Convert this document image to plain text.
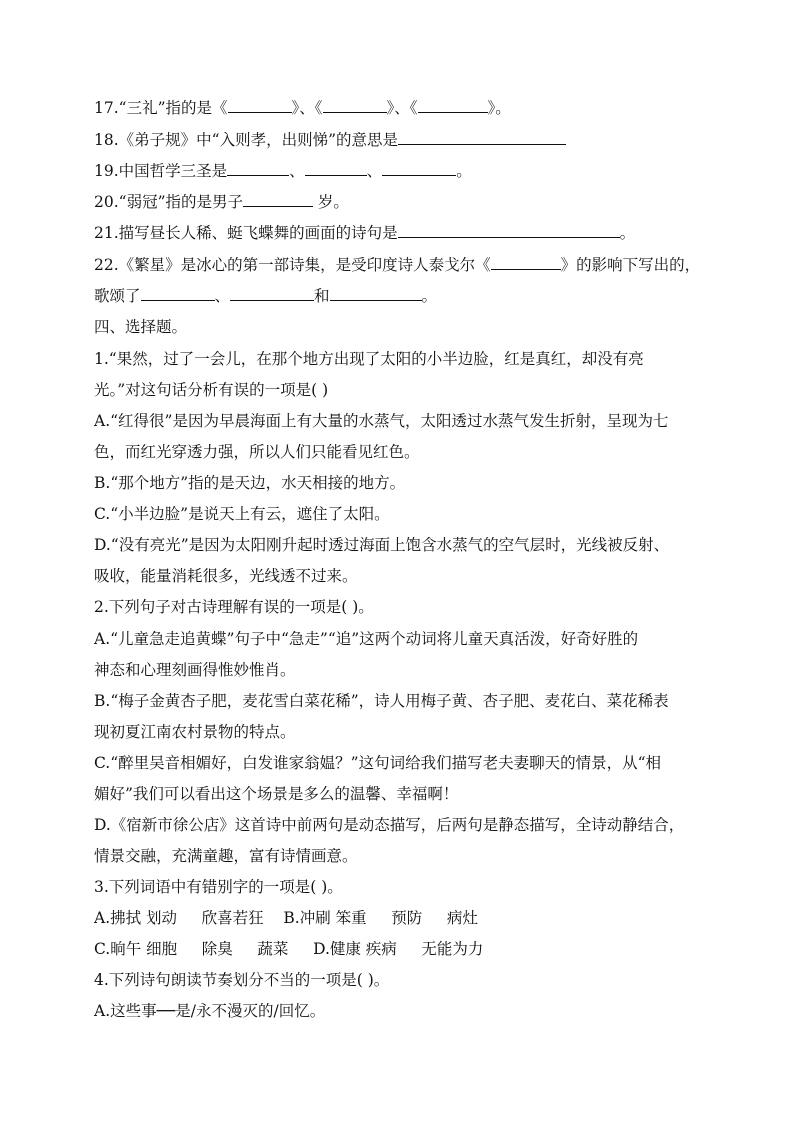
17.“三礼”指的是《	》、《	》、《	》。
18.《弟子规》中“入则孝，出则悌”的意思是
19.中国哲学三圣是	、	、	。
20.“弱冠”指的是男子	岁。
21.描写昼长人稀、蜓飞蝶舞的画面的诗句是	。
22.《繁星》是冰心的第一部诗集，是受印度诗人泰戈尔《	》的影响下写出的，
歌颂了	、	和	。
四、选择题。
1.“果然，过了一会儿，在那个地方出现了太阳的小半边脸，红是真红，却没有亮
光。”对这句话分析有误的一项是( )
A.“红得很”是因为早晨海面上有大量的水蒸气，太阳透过水蒸气发生折射，呈现为七
色，而红光穿透力强，所以人们只能看见红色。
B.“那个地方”指的是天边，水天相接的地方。
C.“小半边脸”是说天上有云，遮住了太阳。
D.“没有亮光”是因为太阳刚升起时透过海面上饱含水蒸气的空气层时，光线被反射、
吸收，能量消耗很多，光线透不过来。
2.下列句子对古诗理解有误的一项是( )。
A.“儿童急走追黄蝶”句子中“急走”“追”这两个动词将儿童天真活泼，好奇好胜的
神态和心理刻画得惟妙惟肖。
B.“梅子金黄杏子肥，麦花雪白菜花稀”，诗人用梅子黄、杏子肥、麦花白、菜花稀表
现初夏江南农村景物的特点。
C.“醉里吴音相媚好，白发谁家翁媪？”这句词给我们描写老夫妻聊天的情景，从“相
媚好”我们可以看出这个场景是多么的温馨、幸福啊！
D.《宿新市徐公店》这首诗中前两句是动态描写，后两句是静态描写，全诗动静结合，
情景交融，充满童趣，富有诗情画意。
3.下列词语中有错别字的一项是( )。
A.拂拭 划动     欣喜若狂    B.冲刷 笨重     预防     病灶
C.晌午 细胞     除臭     蔬菜     D.健康 疾病     无能为力
4.下列诗句朗读节奏划分不当的一项是( )。
A.这些事──是/永不漫灭的/回忆。
